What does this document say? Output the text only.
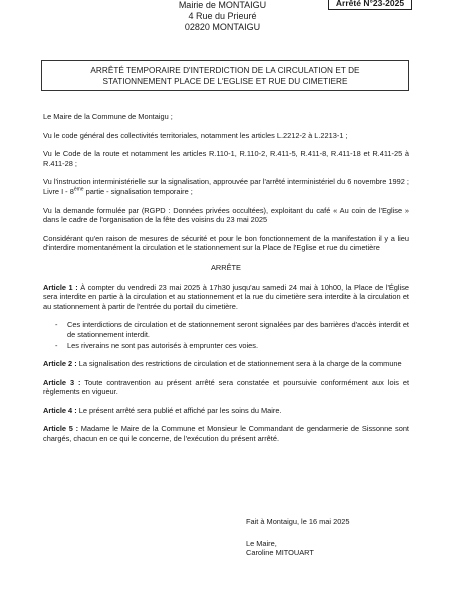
Mairie de MONTAIGU
4 Rue du Prieuré
02820 MONTAIGU
Arrêté N°23-2025
ARRÊTÉ TEMPORAIRE D'INTERDICTION DE LA CIRCULATION ET DE
STATIONNEMENT PLACE DE L'EGLISE ET RUE DU CIMETIERE

Le Maire de la Commune de Montaigu ;

Vu le code général des collectivités territoriales, notamment les articles L.2212-2 à L.2213-1 ;

Vu le Code de la route et notamment les articles R.110-1, R.110-2, R.411-5, R.411-8, R.411-18 et R.411-25 à R.411-28 ;

Vu l'instruction interministérielle sur la signalisation, approuvée par l'arrêté interministériel du 6 novembre 1992 ; Livre I - 8ème partie - signalisation temporaire ;

Vu la demande formulée par (RGPD : Données privées occultées), exploitant du café « Au coin de l'Eglise » dans le cadre de l'organisation de la fête des voisins du 23 mai 2025

Considérant qu'en raison de mesures de sécurité et pour le bon fonctionnement de la manifestation il y a lieu d'interdire momentanément la circulation et le stationnement sur la Place de l'Eglise et rue du cimetière

ARRÊTE

Article 1 : À compter du vendredi 23 mai 2025 à 17h30 jusqu'au samedi 24 mai à 10h00, la Place de l'Église sera interdite en partie à la circulation et au stationnement et la rue du cimetière sera interdite à la circulation et au stationnement à partir de l'entrée du portail du cimetière.

- Ces interdictions de circulation et de stationnement seront signalées par des barrières d'accès interdit et de stationnement interdit.
- Les riverains ne sont pas autorisés à emprunter ces voies.

Article 2 : La signalisation des restrictions de circulation et de stationnement sera à la charge de la commune

Article 3 : Toute contravention au présent arrêté sera constatée et poursuivie conformément aux lois et règlements en vigueur.

Article 4 : Le présent arrêté sera publié et affiché par les soins du Maire.

Article 5 : Madame le Maire de la Commune et Monsieur le Commandant de gendarmerie de Sissonne sont chargés, chacun en ce qui le concerne, de l'exécution du présent arrêté.

Fait à Montaigu, le 16 mai 2025
Le Maire,
Caroline MITOUART
